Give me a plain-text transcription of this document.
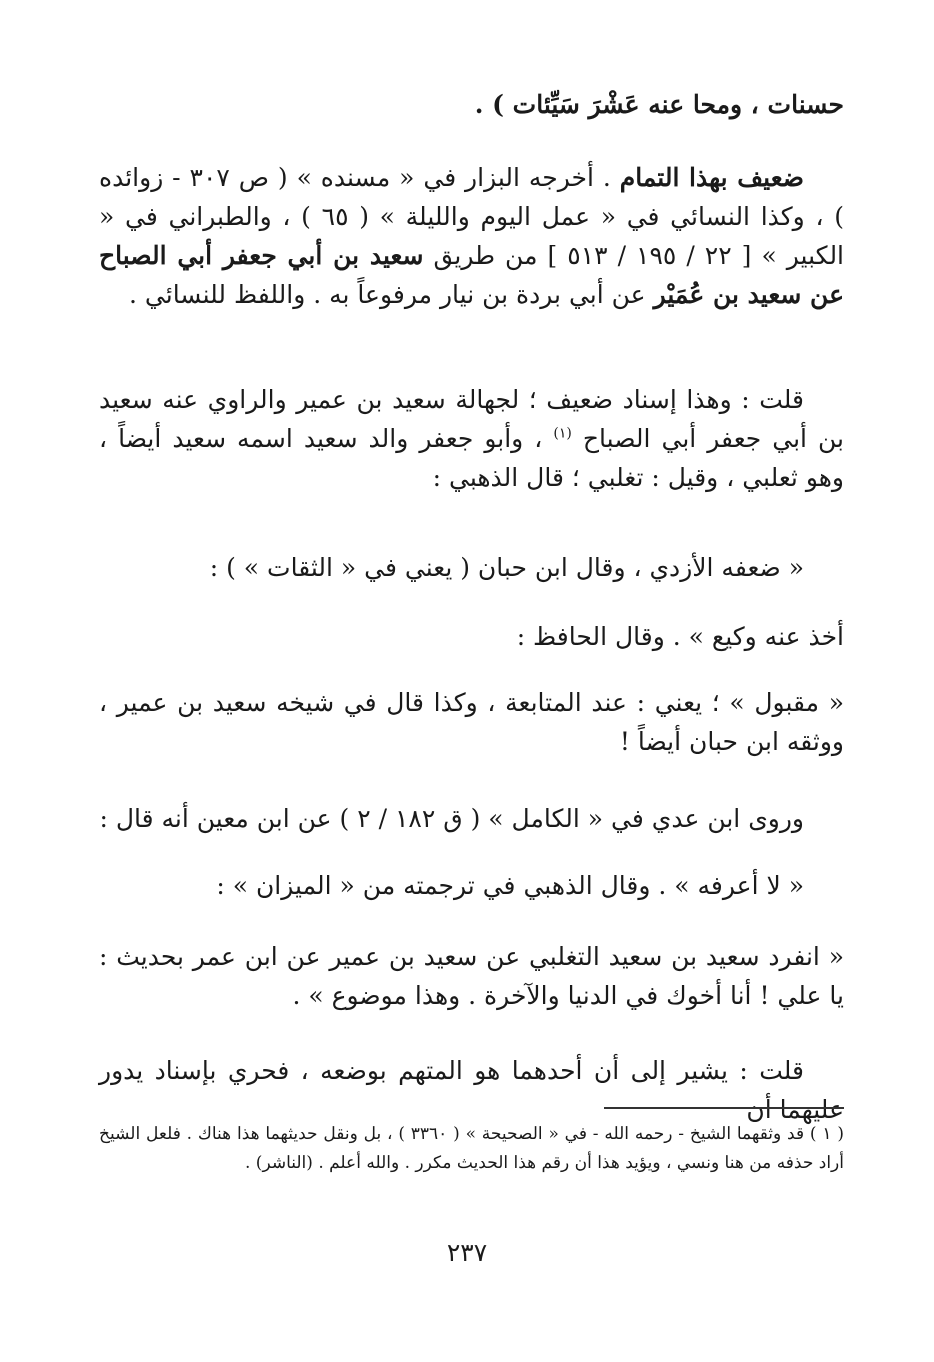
حسنات ، ومحا عنه عَشْرَ سَيِّئات ) .
ضعيف بهذا التمام . أخرجه البزار في « مسنده » ( ص ٣٠٧ - زوائده ) ، وكذا النسائي في « عمل اليوم والليلة » ( ٦٥ ) ، والطبراني في « الكبير » [ ٢٢ / ١٩٥ / ٥١٣ ] من طريق سعيد بن أبي جعفر أبي الصباح عن سعيد بن عُمَيْر عن أبي بردة بن نيار مرفوعاً به . واللفظ للنسائي .
قلت : وهذا إسناد ضعيف ؛ لجهالة سعيد بن عمير والراوي عنه سعيد بن أبي جعفر أبي الصباح $^{(١)}$ ، وأبو جعفر والد سعيد اسمه سعيد أيضاً ، وهو ثعلبي ، وقيل : تغلبي ؛ قال الذهبي :
« ضعفه الأزدي ، وقال ابن حبان ( يعني في « الثقات » ) :
أخذ عنه وكيع » . وقال الحافظ :
« مقبول » ؛ يعني : عند المتابعة ، وكذا قال في شيخه سعيد بن عمير ، ووثقه ابن حبان أيضاً !
وروى ابن عدي في « الكامل » ( ق ١٨٢ / ٢ ) عن ابن معين أنه قال :
« لا أعرفه » . وقال الذهبي في ترجمته من « الميزان » :
« انفرد سعيد بن سعيد التغلبي عن سعيد بن عمير عن ابن عمر بحديث : يا علي ! أنا أخوك في الدنيا والآخرة . وهذا موضوع » .
قلت : يشير إلى أن أحدهما هو المتهم بوضعه ، فحري بإسناد يدور عليهما أن
( ١ ) قد وثقهما الشيخ - رحمه الله - في « الصحيحة » ( ٣٣٦٠ ) ، بل ونقل حديثهما هذا هناك . فلعل الشيخ أراد حذفه من هنا ونسي ، ويؤيد هذا أن رقم هذا الحديث مكرر . والله أعلم . (الناشر) .
٢٣٧
